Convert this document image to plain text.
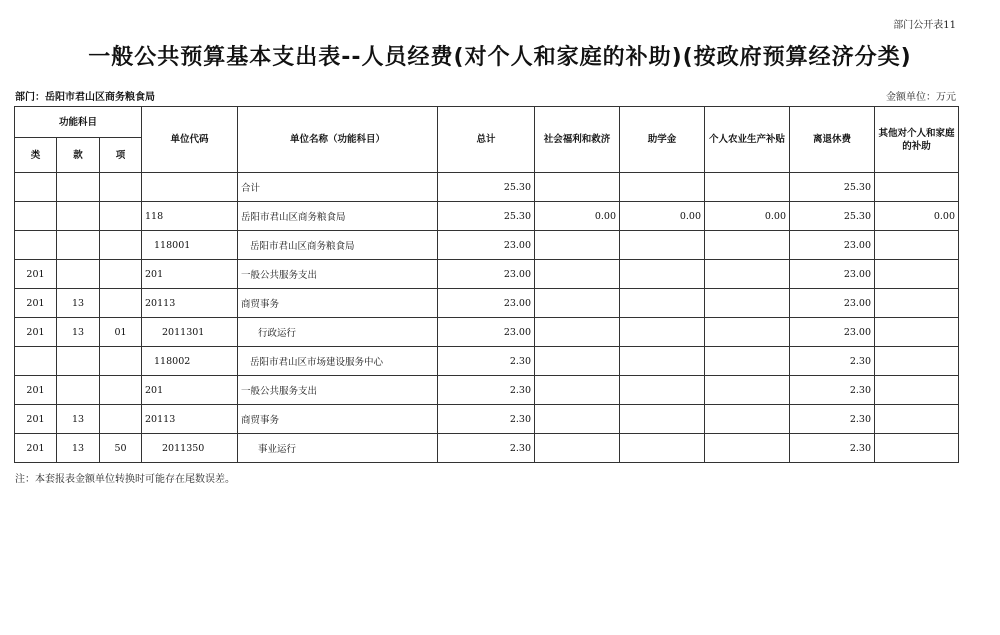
部门公开表11
一般公共预算基本支出表--人员经费(对个人和家庭的补助)(按政府预算经济分类)
部门：岳阳市君山区商务粮食局	金额单位：万元
功能科目			单位代码	单位名称（功能科目）	总计	社会福利和救济	助学金	个人农业生产补贴	离退休费	其他对个人和家庭的补助
类	款	项								
				合计	25.30				25.30	
			118	岳阳市君山区商务粮食局	25.30	0.00	0.00	0.00	25.30	0.00
			118001	岳阳市君山区商务粮食局	23.00				23.00	
201			201	一般公共服务支出	23.00				23.00	
201	13		20113	商贸事务	23.00				23.00	
201	13	01	2011301	行政运行	23.00				23.00	
			118002	岳阳市君山区市场建设服务中心	2.30				2.30	
201			201	一般公共服务支出	2.30				2.30	
201	13		20113	商贸事务	2.30				2.30	
201	13	50	2011350	事业运行	2.30				2.30	
注：本套报表金额单位转换时可能存在尾数误差。
